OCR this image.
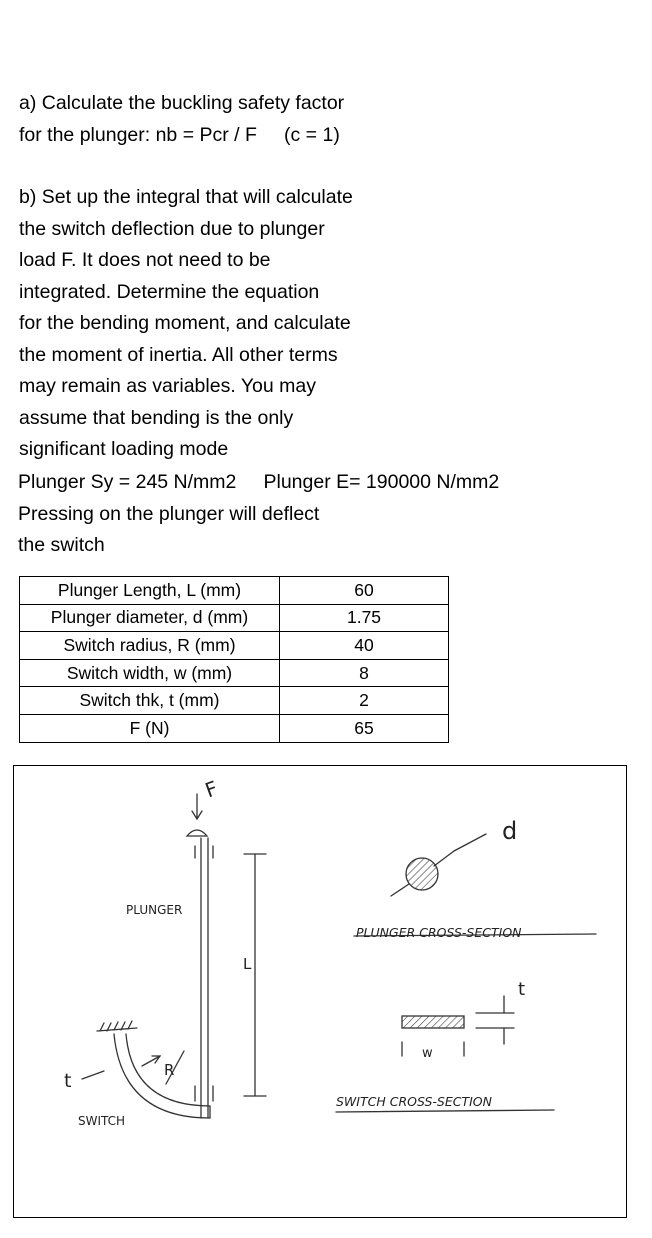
a) Calculate the buckling safety factor
for the plunger: nb = Pcr / F     (c = 1)
b) Set up the integral that will calculate
the switch deflection due to plunger
load F. It does not need to be
integrated. Determine the equation
for the bending moment, and calculate
the moment of inertia. All other terms
may remain as variables. You may
assume that bending is the only
significant loading mode
Plunger Sy = 245 N/mm2     Plunger E= 190000 N/mm2
Pressing on the plunger will deflect
the switch
Plunger Length, L (mm)	60
Plunger diameter, d (mm)	1.75
Switch radius, R (mm)	40
Switch width, w (mm)	8
Switch thk, t (mm)	2
F (N)	65
F
PLUNGER
L
R
t
SWITCH
d
PLUNGER CROSS-SECTION
w
t
SWITCH CROSS-SECTION
